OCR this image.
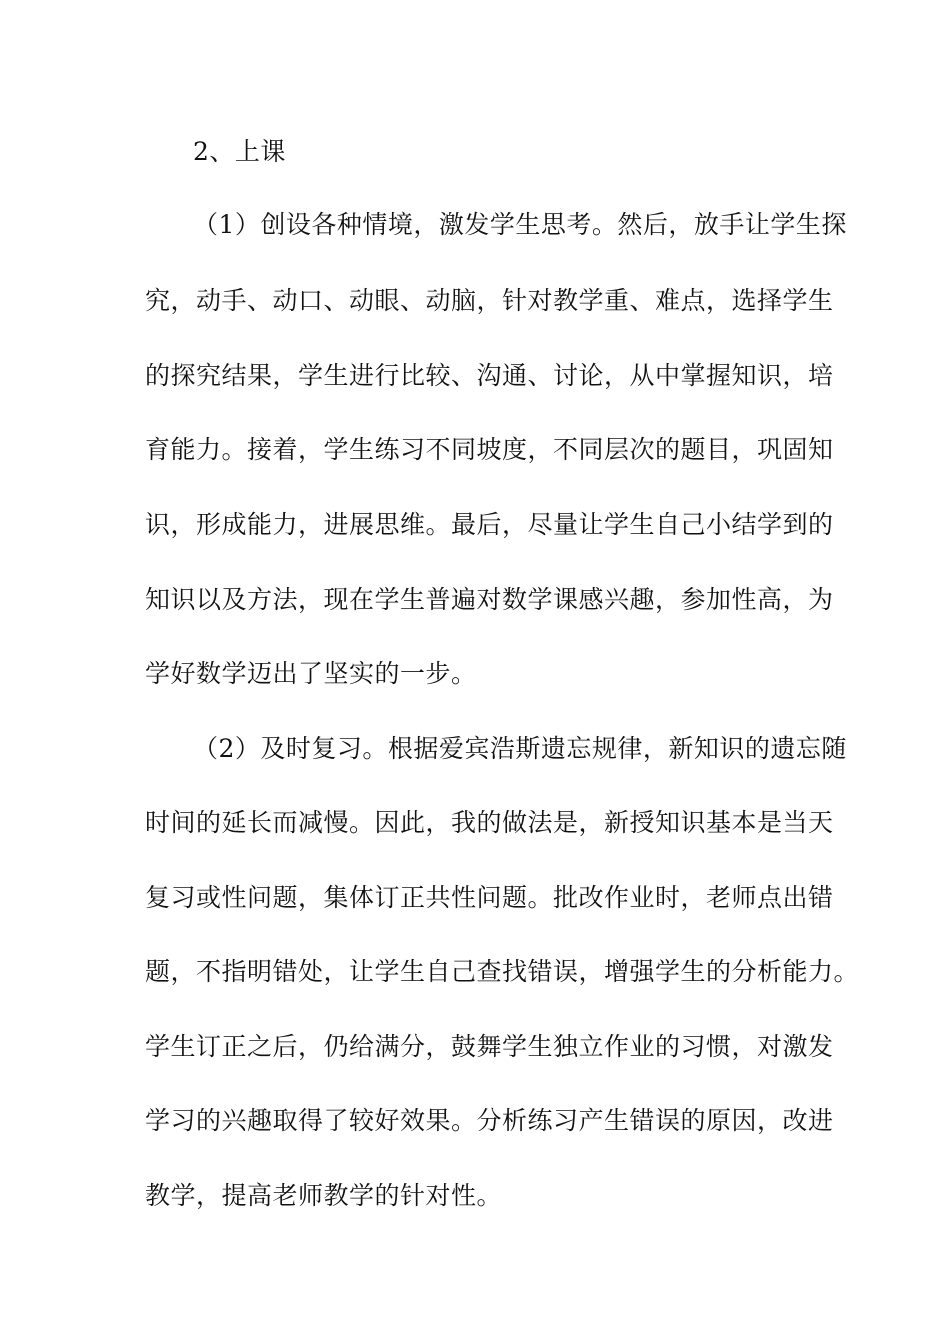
2、上课
（1）创设各种情境，激发学生思考。然后，放手让学生探
究，动手、动口、动眼、动脑，针对教学重、难点，选择学生
的探究结果，学生进行比较、沟通、讨论，从中掌握知识，培
育能力。接着，学生练习不同坡度，不同层次的题目，巩固知
识，形成能力，进展思维。最后，尽量让学生自己小结学到的
知识以及方法，现在学生普遍对数学课感兴趣，参加性高，为
学好数学迈出了坚实的一步。
（2）及时复习。根据爱宾浩斯遗忘规律，新知识的遗忘随
时间的延长而减慢。因此，我的做法是，新授知识基本是当天
复习或性问题，集体订正共性问题。批改作业时，老师点出错
题，不指明错处，让学生自己查找错误，增强学生的分析能力。
学生订正之后，仍给满分，鼓舞学生独立作业的习惯，对激发
学习的兴趣取得了较好效果。分析练习产生错误的原因，改进
教学，提高老师教学的针对性。
